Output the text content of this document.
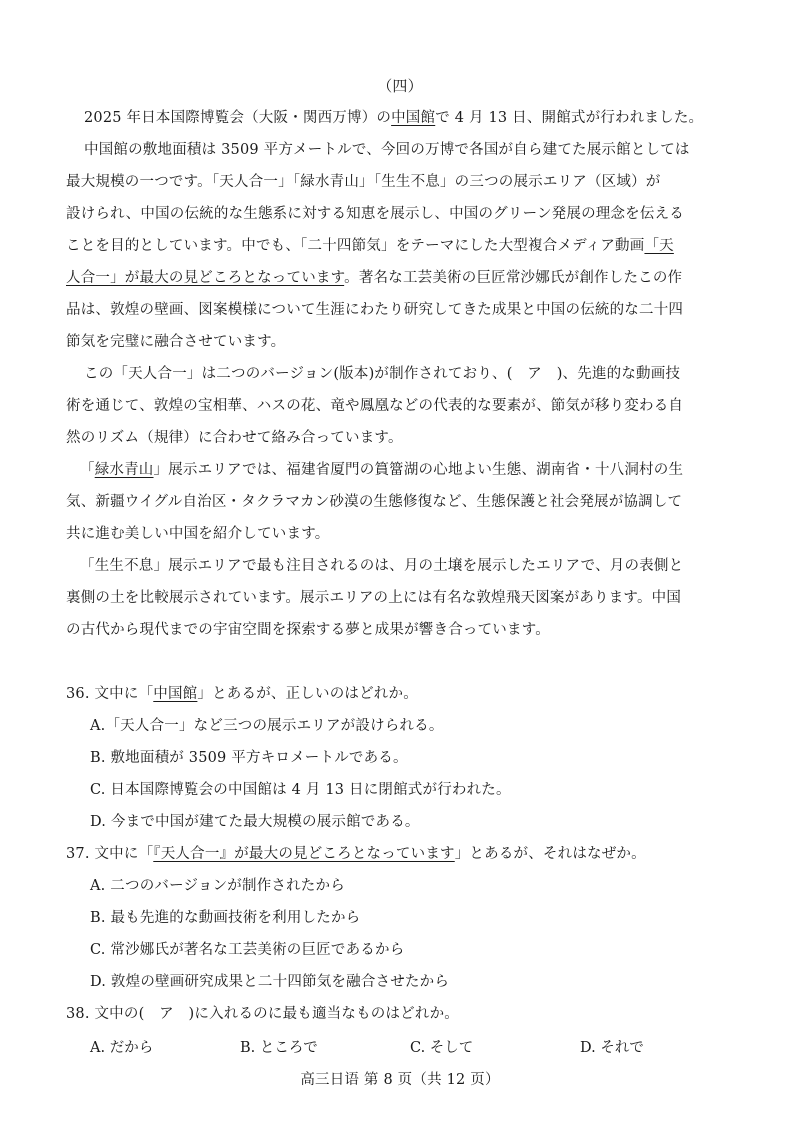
（四）
2025 年日本国際博覧会（大阪・関西万博）の中国館で 4 月 13 日、開館式が行われました。
中国館の敷地面積は 3509 平方メートルで、今回の万博で各国が自ら建てた展示館としては
最大規模の一つです。「天人合一」「緑水青山」「生生不息」の三つの展示エリア（区域）が
設けられ、中国の伝統的な生態系に対する知恵を展示し、中国のグリーン発展の理念を伝える
ことを目的としています。中でも、「二十四節気」をテーマにした大型複合メディア動画「天
人合一」が最大の見どころとなっています。著名な工芸美術の巨匠常沙娜氏が創作したこの作
品は、敦煌の壁画、図案模様について生涯にわたり研究してきた成果と中国の伝統的な二十四
節気を完璧に融合させています。
この「天人合一」は二つのバージョン(版本)が制作されており、(　ア　)、先進的な動画技
術を通じて、敦煌の宝相華、ハスの花、竜や鳳凰などの代表的な要素が、節気が移り変わる自
然のリズム（規律）に合わせて絡み合っています。
「緑水青山」展示エリアでは、福建省厦門の篔簹湖の心地よい生態、湖南省・十八洞村の生
気、新疆ウイグル自治区・タクラマカン砂漠の生態修復など、生態保護と社会発展が協調して
共に進む美しい中国を紹介しています。
「生生不息」展示エリアで最も注目されるのは、月の土壌を展示したエリアで、月の表側と
裏側の土を比較展示されています。展示エリアの上には有名な敦煌飛天図案があります。中国
の古代から現代までの宇宙空間を探索する夢と成果が響き合っています。
36. 文中に「中国館」とあるが、正しいのはどれか。
A.「天人合一」など三つの展示エリアが設けられる。
B. 敷地面積が 3509 平方キロメートルである。
C. 日本国際博覧会の中国館は 4 月 13 日に閉館式が行われた。
D. 今まで中国が建てた最大規模の展示館である。
37. 文中に「『天人合一』が最大の見どころとなっています」とあるが、それはなぜか。
A. 二つのバージョンが制作されたから
B. 最も先進的な動画技術を利用したから
C. 常沙娜氏が著名な工芸美術の巨匠であるから
D. 敦煌の壁画研究成果と二十四節気を融合させたから
38. 文中の(　ア　)に入れるのに最も適当なものはどれか。
A. だから	B. ところで	C. そして	D. それで
高三日语 第 8 页（共 12 页）
